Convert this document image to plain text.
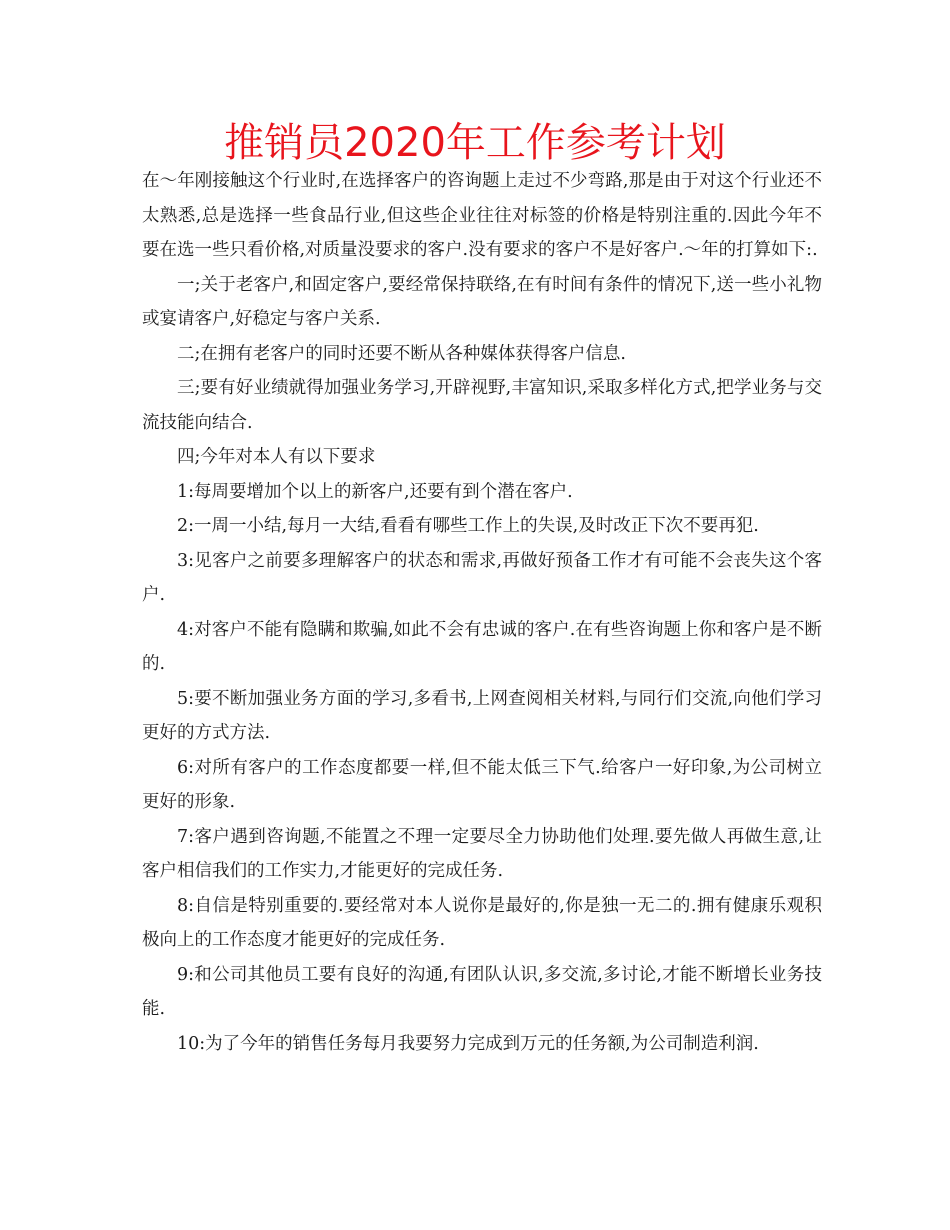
推销员2020年工作参考计划

在～年刚接触这个行业时,在选择客户的咨询题上走过不少弯路,那是由于对这个行业还不太熟悉,总是选择一些食品行业,但这些企业往往对标签的价格是特别注重的.因此今年不要在选一些只看价格,对质量没要求的客户.没有要求的客户不是好客户.～年的打算如下:.

一;关于老客户,和固定客户,要经常保持联络,在有时间有条件的情况下,送一些小礼物或宴请客户,好稳定与客户关系.

二;在拥有老客户的同时还要不断从各种媒体获得客户信息.

三;要有好业绩就得加强业务学习,开辟视野,丰富知识,采取多样化方式,把学业务与交流技能向结合.

四;今年对本人有以下要求

1:每周要增加个以上的新客户,还要有到个潜在客户.

2:一周一小结,每月一大结,看看有哪些工作上的失误,及时改正下次不要再犯.

3:见客户之前要多理解客户的状态和需求,再做好预备工作才有可能不会丧失这个客户.

4:对客户不能有隐瞒和欺骗,如此不会有忠诚的客户.在有些咨询题上你和客户是不断的.

5:要不断加强业务方面的学习,多看书,上网查阅相关材料,与同行们交流,向他们学习更好的方式方法.

6:对所有客户的工作态度都要一样,但不能太低三下气.给客户一好印象,为公司树立更好的形象.

7:客户遇到咨询题,不能置之不理一定要尽全力协助他们处理.要先做人再做生意,让客户相信我们的工作实力,才能更好的完成任务.

8:自信是特别重要的.要经常对本人说你是最好的,你是独一无二的.拥有健康乐观积极向上的工作态度才能更好的完成任务.

9:和公司其他员工要有良好的沟通,有团队认识,多交流,多讨论,才能不断增长业务技能.

10:为了今年的销售任务每月我要努力完成到万元的任务额,为公司制造利润.
